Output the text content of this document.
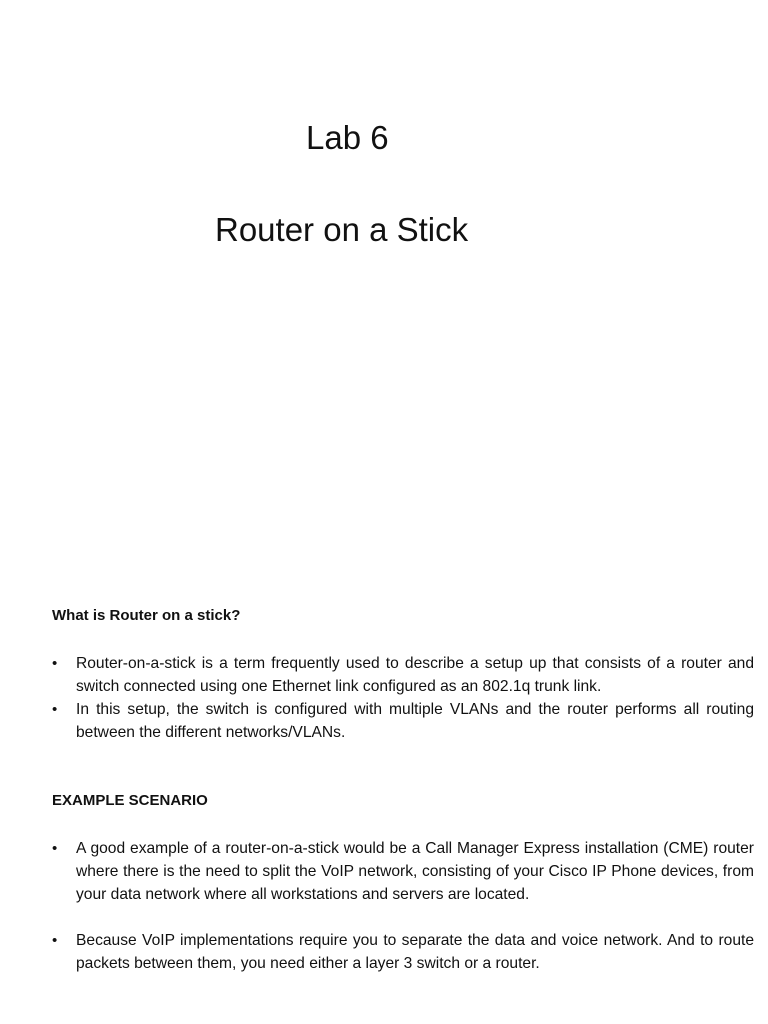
Lab 6
Router on a Stick
What is Router on a stick?
• Router-on-a-stick is a term frequently used to describe a setup up that consists of a router and switch connected using one Ethernet link configured as an 802.1q trunk link.
• In this setup, the switch is configured with multiple VLANs and the router performs all routing between the different networks/VLANs.
EXAMPLE SCENARIO
• A good example of a router-on-a-stick would be a Call Manager Express installation (CME) router where there is the need to split the VoIP network, consisting of your Cisco IP Phone devices, from your data network where all workstations and servers are located.
• Because VoIP implementations require you to separate the data and voice network. And to route packets between them, you need either a layer 3 switch or a router.
